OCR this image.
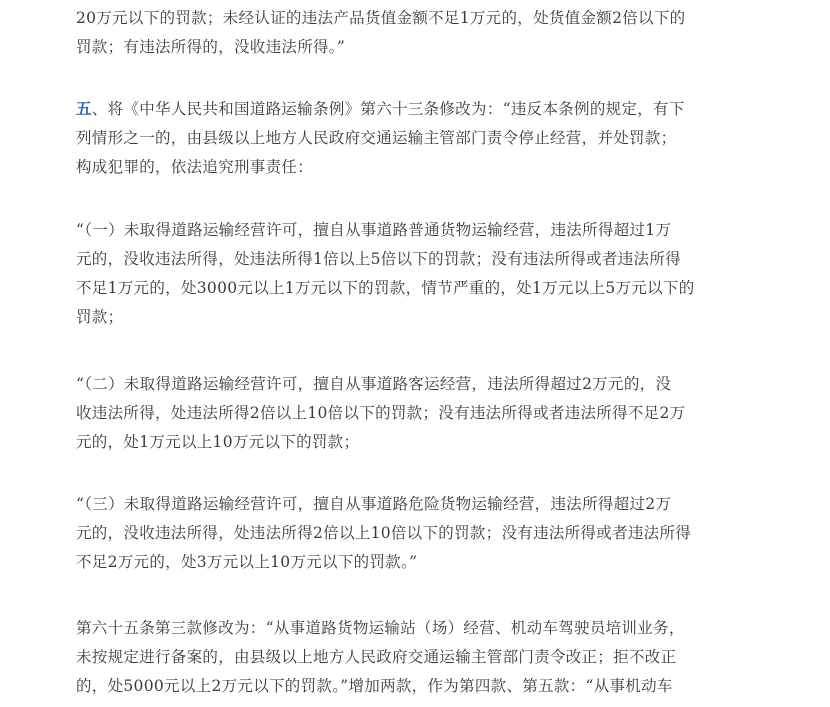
20万元以下的罚款；未经认证的违法产品货值金额不足1万元的，处货值金额2倍以下的
罚款；有违法所得的，没收违法所得。”

五、将《中华人民共和国道路运输条例》第六十三条修改为：“违反本条例的规定，有下
列情形之一的，由县级以上地方人民政府交通运输主管部门责令停止经营，并处罚款；
构成犯罪的，依法追究刑事责任：

“（一）未取得道路运输经营许可，擅自从事道路普通货物运输经营，违法所得超过1万
元的，没收违法所得，处违法所得1倍以上5倍以下的罚款；没有违法所得或者违法所得
不足1万元的，处3000元以上1万元以下的罚款，情节严重的，处1万元以上5万元以下的
罚款；

“（二）未取得道路运输经营许可，擅自从事道路客运经营，违法所得超过2万元的，没
收违法所得，处违法所得2倍以上10倍以下的罚款；没有违法所得或者违法所得不足2万
元的，处1万元以上10万元以下的罚款；

“（三）未取得道路运输经营许可，擅自从事道路危险货物运输经营，违法所得超过2万
元的，没收违法所得，处违法所得2倍以上10倍以下的罚款；没有违法所得或者违法所得
不足2万元的，处3万元以上10万元以下的罚款。”

第六十五条第三款修改为：“从事道路货物运输站（场）经营、机动车驾驶员培训业务，
未按规定进行备案的，由县级以上地方人民政府交通运输主管部门责令改正；拒不改正
的，处5000元以上2万元以下的罚款。”增加两款，作为第四款、第五款：“从事机动车
